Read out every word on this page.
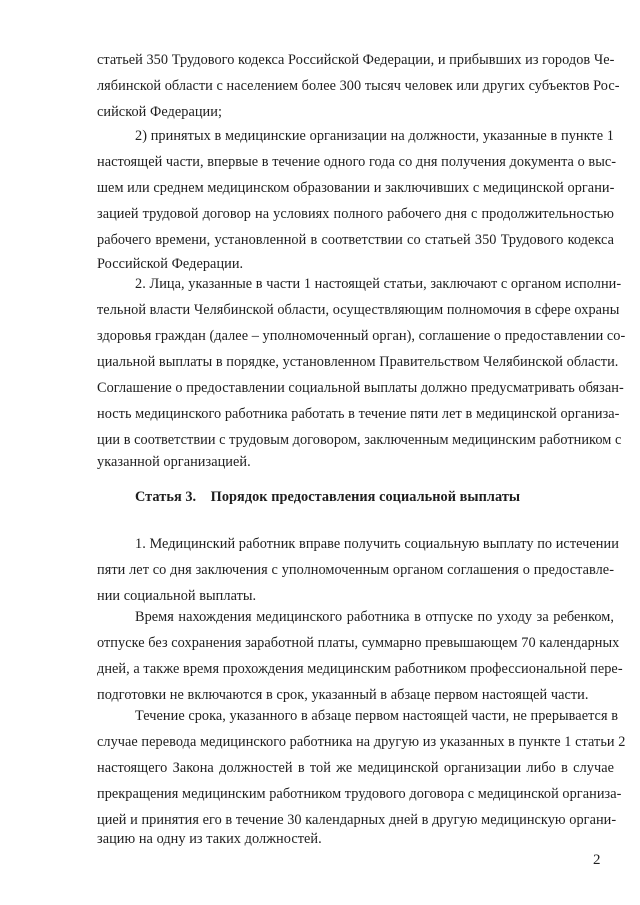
статьей 350 Трудового кодекса Российской Федерации, и прибывших из городов Че-

лябинской области с населением более 300 тысяч человек или других субъектов Рос-

сийской Федерации;

2) принятых в медицинские организации на должности, указанные в пункте 1

настоящей части, впервые в течение одного года со дня получения документа о выс-

шем или среднем медицинском образовании и заключивших с медицинской органи-

зацией трудовой договор на условиях полного рабочего дня с продолжительностью

рабочего времени, установленной в соответствии со статьей 350 Трудового кодекса

Российской Федерации.

2. Лица, указанные в части 1 настоящей статьи, заключают с органом исполни-

тельной власти Челябинской области, осуществляющим полномочия в сфере охраны

здоровья граждан (далее – уполномоченный орган), соглашение о предоставлении со-

циальной выплаты в порядке, установленном Правительством Челябинской области.

Соглашение о предоставлении социальной выплаты должно предусматривать обязан-

ность медицинского работника работать в течение пяти лет в медицинской организа-

ции в соответствии с трудовым договором, заключенным медицинским работником с

указанной организацией.

Статья 3.    Порядок предоставления социальной выплаты

1. Медицинский работник вправе получить социальную выплату по истечении

пяти лет со дня заключения с уполномоченным органом соглашения о предоставле-

нии социальной выплаты.

Время нахождения медицинского работника в отпуске по уходу за ребенком,

отпуске без сохранения заработной платы, суммарно превышающем 70 календарных

дней, а также время прохождения медицинским работником профессиональной пере-

подготовки не включаются в срок, указанный в абзаце первом настоящей части.

Течение срока, указанного в абзаце первом настоящей части, не прерывается в

случае перевода медицинского работника на другую из указанных в пункте 1 статьи 2

настоящего Закона должностей в той же медицинской организации либо в случае

прекращения медицинским работником трудового договора с медицинской организа-

цией и принятия его в течение 30 календарных дней в другую медицинскую органи-

зацию на одну из таких должностей.

2
